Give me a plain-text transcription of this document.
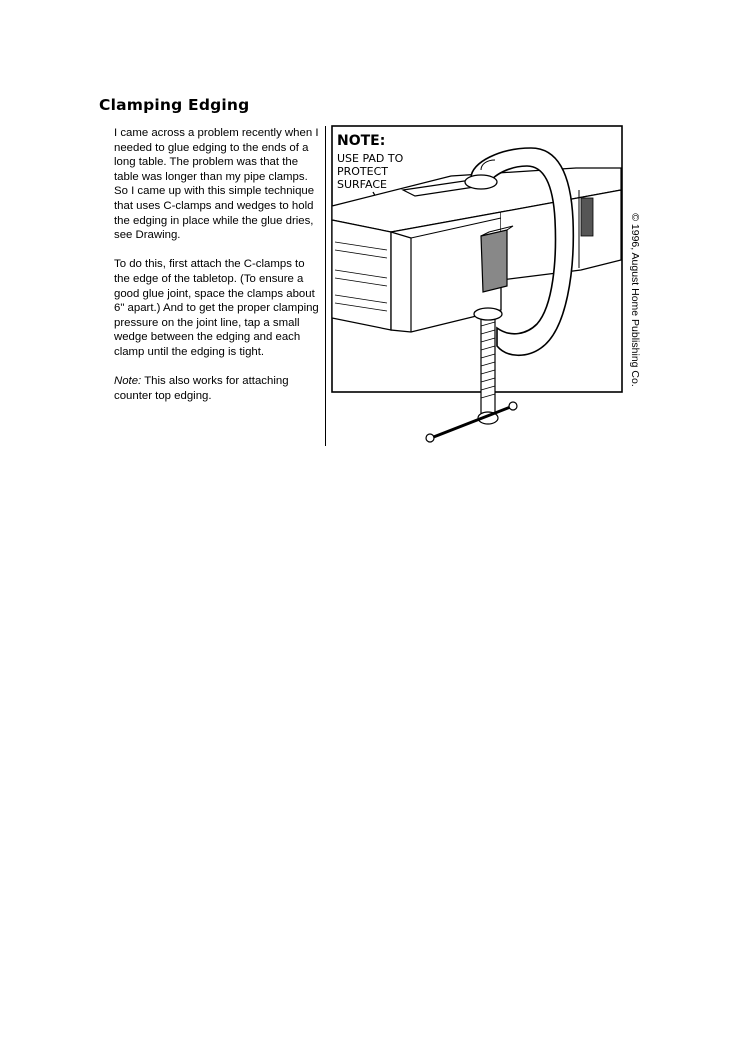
Clamping Edging

I came across a problem recently when I needed to glue edging to the ends of a long table. The problem was that the table was longer than my pipe clamps. So I came up with this simple technique that uses C-clamps and wedges to hold the edging in place while the glue dries, see Drawing.

To do this, first attach the C-clamps to the edge of the tabletop. (To ensure a good glue joint, space the clamps about 6" apart.) And to get the proper clamping pressure on the joint line, tap a small wedge between the edging and each clamp until the edging is tight.

Note: This also works for attaching counter top edging.

NOTE:
USE PAD TO
PROTECT
SURFACE
© 1996, August Home Publishing Co.
